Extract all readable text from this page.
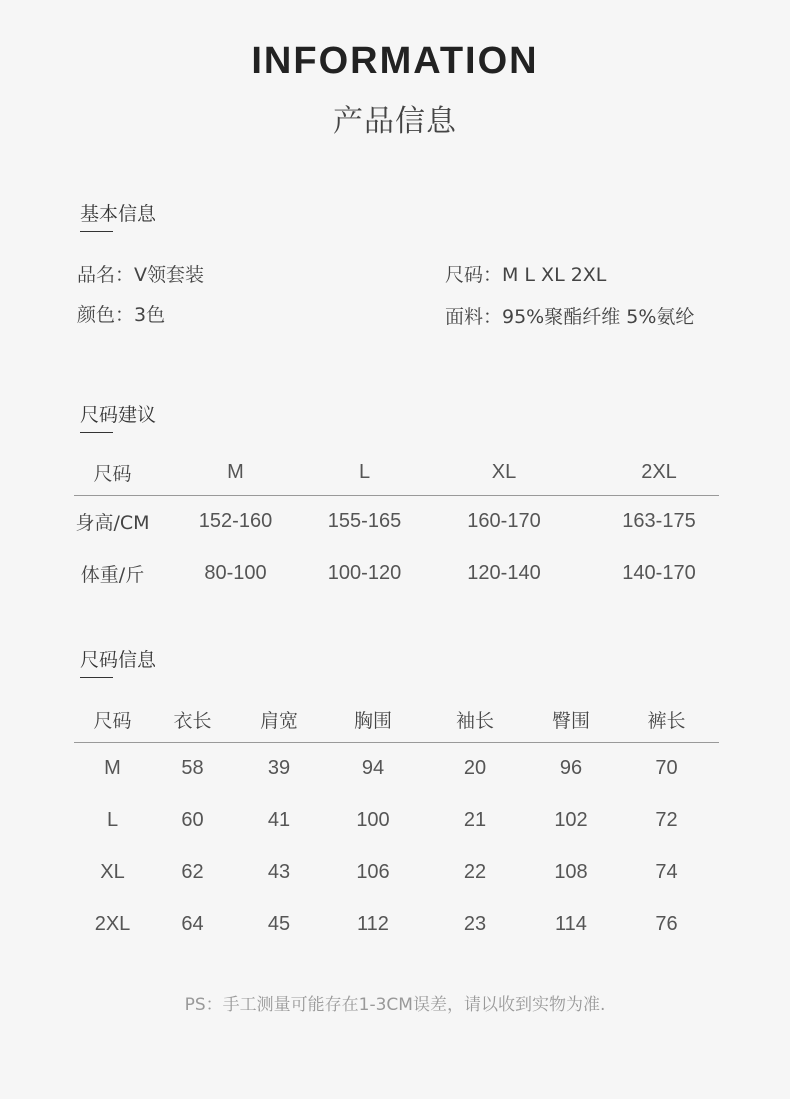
INFORMATION
产品信息
基本信息
品名：V领套装
颜色：3色
尺码：M L XL 2XL
面料：95%聚酯纤维 5%氨纶
尺码建议
尺码	M	L	XL	2XL
身高/CM	152-160	155-165	160-170	163-175
体重/斤	80-100	100-120	120-140	140-170
尺码信息
尺码	衣长	肩宽	胸围	袖长	臀围	裤长
M	58	39	94	20	96	70
L	60	41	100	21	102	72
XL	62	43	106	22	108	74
2XL	64	45	112	23	114	76
PS：手工测量可能存在1-3CM误差，请以收到实物为准.
